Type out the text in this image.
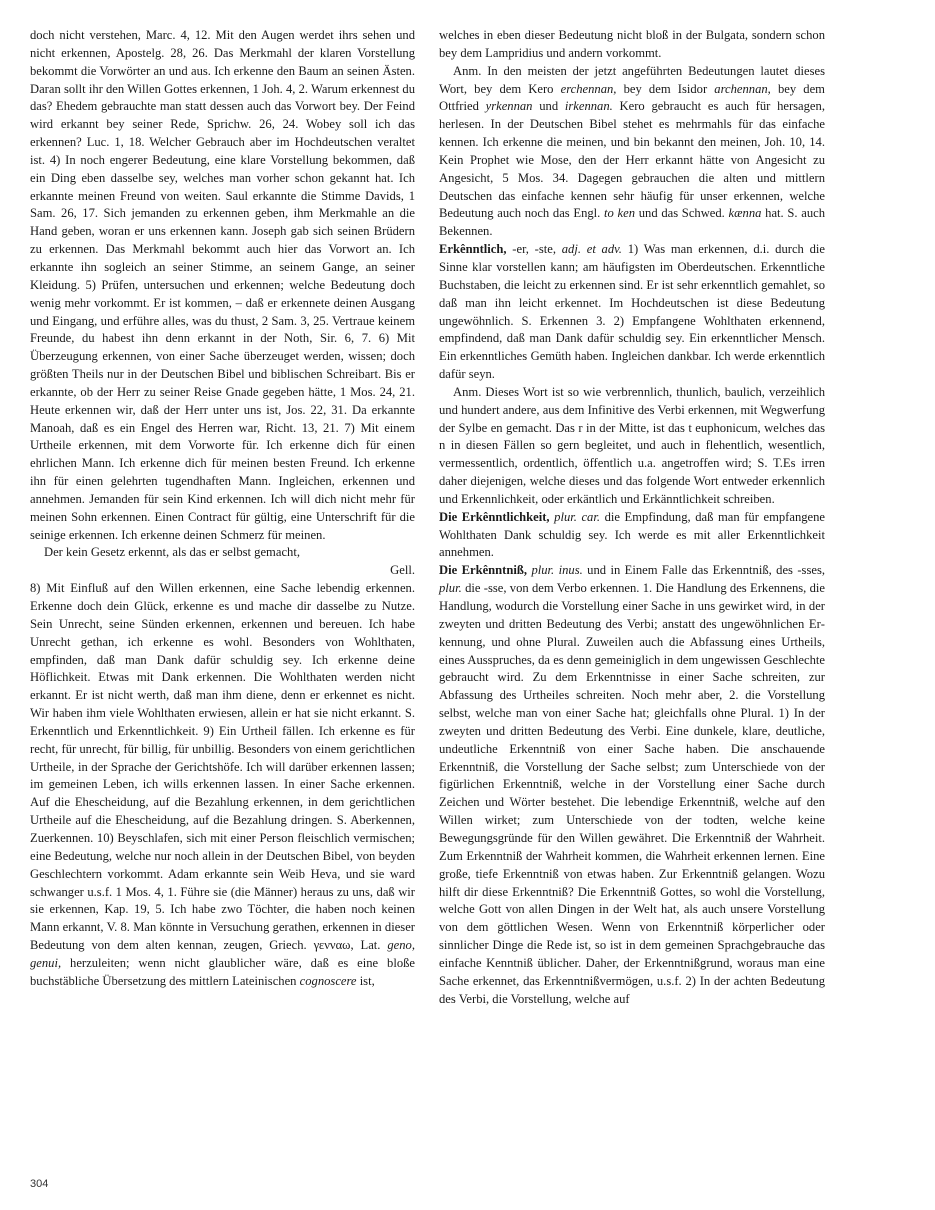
doch nicht verstehen, Marc. 4, 12. Mit den Augen werdet ihrs sehen und nicht erkennen, Apostelg. 28, 26. Das Merkmahl der klaren Vorstellung bekommt die Vorwörter an und aus. Ich erkenne den Baum an seinen Ästen. Daran sollt ihr den Willen Gottes erkennen, 1 Joh. 4, 2. Warum erkennest du das? Ehedem gebrauchte man statt dessen auch das Vorwort bey. Der Feind wird erkannt bey seiner Rede, Sprichw. 26, 24. Wobey soll ich das erkennen? Luc. 1, 18. Welcher Gebrauch aber im Hochdeutschen veraltet ist. 4) In noch engerer Bedeutung, eine klare Vorstellung bekommen, daß ein Ding eben dasselbe sey, welches man vorher schon gekannt hat. Ich erkannte meinen Freund von weiten. Saul erkannte die Stimme Davids, 1 Sam. 26, 17. Sich jemanden zu erkennen geben, ihm Merkmahle an die Hand geben, woran er uns erkennen kann. Joseph gab sich seinen Brüdern zu erkennen. Das Merkmahl bekommt auch hier das Vorwort an. Ich erkannte ihn sogleich an seiner Stimme, an seinem Gange, an seiner Kleidung. 5) Prüfen, untersuchen und erkennen; welche Bedeutung doch wenig mehr vorkommt. Er ist kommen, – daß er erkennete deinen Ausgang und Eingang, und erführe alles, was du thust, 2 Sam. 3, 25. Vertraue keinem Freunde, du habest ihn denn erkannt in der Noth, Sir. 6, 7. 6) Mit Überzeugung erkennen, von einer Sache überzeuget werden, wissen; doch größten Theils nur in der Deutschen Bibel und biblischen Schreibart. Bis er erkannte, ob der Herr zu seiner Reise Gnade gegeben hätte, 1 Mos. 24, 21. Heute erkennen wir, daß der Herr unter uns ist, Jos. 22, 31. Da erkannte Manoah, daß es ein Engel des Herren war, Richt. 13, 21. 7) Mit einem Urtheile erkennen, mit dem Vorworte für. Ich erkenne dich für einen ehrlichen Mann. Ich erkenne dich für meinen besten Freund. Ich erkenne ihn für einen gelehrten tugendhaften Mann. Ingleichen, erkennen und annehmen. Jemanden für sein Kind erkennen. Ich will dich nicht mehr für meinen Sohn erkennen. Einen Contract für gültig, eine Unterschrift für die seinige erkennen. Ich erkenne deinen Schmerz für meinen.

Der kein Gesetz erkennt, als das er selbst gemacht,

Gell.

8) Mit Einfluß auf den Willen erkennen, eine Sache lebendig erkennen. Erkenne doch dein Glück, erkenne es und mache dir dasselbe zu Nutze. Sein Unrecht, seine Sünden erkennen, erkennen und bereuen. Ich habe Unrecht gethan, ich erkenne es wohl. Besonders von Wohlthaten, empfinden, daß man Dank dafür schuldig sey. Ich erkenne deine Höflichkeit. Etwas mit Dank erkennen. Die Wohlthaten werden nicht erkannt. Er ist nicht werth, daß man ihm diene, denn er erkennet es nicht. Wir haben ihm viele Wohlthaten erwiesen, allein er hat sie nicht erkannt. S. Erkenntlich und Erkenntlichkeit. 9) Ein Urtheil fällen. Ich erkenne es für recht, für unrecht, für billig, für unbillig. Besonders von einem gerichtlichen Urtheile, in der Sprache der Gerichtshöfe. Ich will darüber erkennen lassen; im gemeinen Leben, ich wills erkennen lassen. In einer Sache erkennen. Auf die Ehescheidung, auf die Bezahlung erkennen, in dem gerichtlichen Urtheile auf die Ehescheidung, auf die Bezahlung dringen. S. Aberkennen, Zuerkennen. 10) Beyschlafen, sich mit einer Person fleischlich vermischen; eine Bedeutung, welche nur noch allein in der Deutschen Bibel, von beyden Geschlechtern vorkommt. Adam erkannte sein Weib Heva, und sie ward schwanger u.s.f. 1 Mos. 4, 1. Führe sie (die Männer) heraus zu uns, daß wir sie erkennen, Kap. 19, 5. Ich habe zwo Töchter, die haben noch keinen Mann erkannt, V. 8. Man könnte in Versuchung gerathen, erkennen in dieser Bedeutung von dem alten kennan, zeugen, Griech. γενναω, Lat. geno, genui, herzuleiten; wenn nicht glaublicher wäre, daß es eine bloße buchstäbliche Übersetzung des mittlern Lateinischen cognoscere ist,

welches in eben dieser Bedeutung nicht bloß in der Bulgata, sondern schon bey dem Lampridius und andern vorkommt.

Anm. In den meisten der jetzt angeführten Bedeutungen lautet dieses Wort, bey dem Kero erchennan, bey dem Isidor archennan, bey dem Ottfried yrkennan und irkennan. Kero gebraucht es auch für hersagen, herlesen. In der Deutschen Bibel stehet es mehrmahls für das einfache kennen. Ich erkenne die meinen, und bin bekannt den meinen, Joh. 10, 14. Kein Prophet wie Mose, den der Herr erkannt hätte von Angesicht zu Angesicht, 5 Mos. 34. Dagegen gebrauchen die alten und mittlern Deutschen das einfache kennen sehr häufig für unser erkennen, welche Bedeutung auch noch das Engl. to ken und das Schwed. kænna hat. S. auch Bekennen.

Erkênntlich, -er, -ste, adj. et adv. 1) Was man erkennen, d.i. durch die Sinne klar vorstellen kann; am häufigsten im Oberdeutschen. Erkenntliche Buchstaben, die leicht zu erkennen sind. Er ist sehr erkenntlich gemahlet, so daß man ihn leicht erkennet. Im Hochdeutschen ist diese Bedeutung ungewöhnlich. S. Erkennen 3. 2) Empfangene Wohlthaten erkennend, empfindend, daß man Dank dafür schuldig sey. Ein erkenntlicher Mensch. Ein erkenntliches Gemüth haben. Ingleichen dankbar. Ich werde erkenntlich dafür seyn.

Anm. Dieses Wort ist so wie verbrennlich, thunlich, baulich, verzeihlich und hundert andere, aus dem Infinitive des Verbi erkennen, mit Wegwerfung der Sylbe en gemacht. Das r in der Mitte, ist das t euphonicum, welches das n in diesen Fällen so gern begleitet, und auch in flehentlich, wesentlich, vermessentlich, ordentlich, öffentlich u.a. angetroffen wird; S. T.Es irren daher diejenigen, welche dieses und das folgende Wort entweder erkennlich und Erkennlichkeit, oder erkäntlich und Erkänntlichkeit schreiben.

Die Erkênntlichkeit, plur. car. die Empfindung, daß man für empfangene Wohlthaten Dank schuldig sey. Ich werde es mit aller Erkenntlichkeit annehmen.

Die Erkênntniß, plur. inus. und in Einem Falle das Erkenntniß, des -sses, plur. die -sse, von dem Verbo erkennen. 1. Die Handlung des Erkennens, die Handlung, wodurch die Vorstellung einer Sache in uns gewirket wird, in der zweyten und dritten Bedeutung des Verbi; anstatt des ungewöhnlichen Erkennung, und ohne Plural. Zuweilen auch die Abfassung eines Urtheils, eines Ausspruches, da es denn gemeiniglich in dem ungewissen Geschlechte gebraucht wird. Zu dem Erkenntnisse in einer Sache schreiten, zur Abfassung des Urtheiles schreiten. Noch mehr aber, 2. die Vorstellung selbst, welche man von einer Sache hat; gleichfalls ohne Plural. 1) In der zweyten und dritten Bedeutung des Verbi. Eine dunkele, klare, deutliche, undeutliche Erkenntniß von einer Sache haben. Die anschauende Erkenntniß, die Vorstellung der Sache selbst; zum Unterschiede von der figürlichen Erkenntniß, welche in der Vorstellung einer Sache durch Zeichen und Wörter bestehet. Die lebendige Erkenntniß, welche auf den Willen wirket; zum Unterschiede von der todten, welche keine Bewegungsgründe für den Willen gewähret. Die Erkenntniß der Wahrheit. Zum Erkenntniß der Wahrheit kommen, die Wahrheit erkennen lernen. Eine große, tiefe Erkenntniß von etwas haben. Zur Erkenntniß gelangen. Wozu hilft dir diese Erkenntniß? Die Erkenntniß Gottes, so wohl die Vorstellung, welche Gott von allen Dingen in der Welt hat, als auch unsere Vorstellung von dem göttlichen Wesen. Wenn von Erkenntniß körperlicher oder sinnlicher Dinge die Rede ist, so ist in dem gemeinen Sprachgebrauche das einfache Kenntniß üblicher. Daher, der Erkenntnißgrund, woraus man eine Sache erkennet, das Erkenntnißvermögen, u.s.f. 2) In der achten Bedeutung des Verbi, die Vorstellung, welche auf

304
